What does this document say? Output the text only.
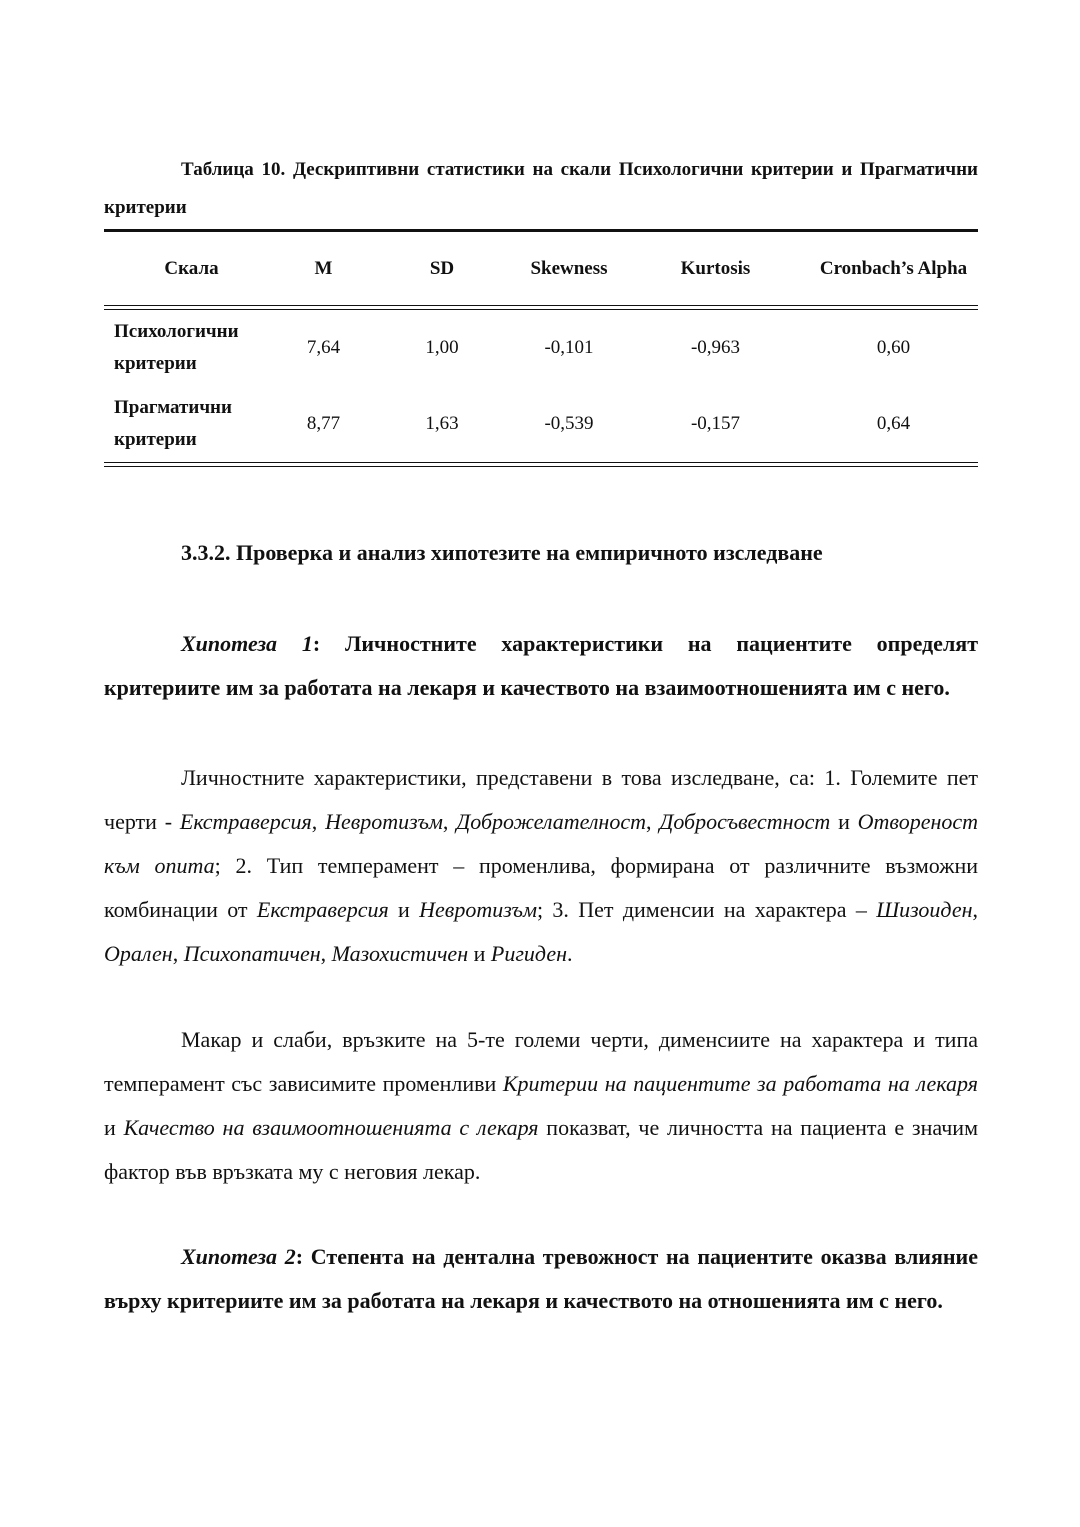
Таблица 10. Дескриптивни статистики на скали Психологични критерии и Прагматични критерии

Скала	M	SD	Skewness	Kurtosis	Cronbach’s Alpha
Психологични критерии	7,64	1,00	-0,101	-0,963	0,60
Прагматични критерии	8,77	1,63	-0,539	-0,157	0,64
3.3.2. Проверка и анализ хипотезите на емпиричното изследване

Хипотеза 1: Личностните характеристики на пациентите определят критериите им за работата на лекаря и качеството на взаимоотношенията им с него.

Личностните характеристики, представени в това изследване, са: 1. Големите пет черти - Екстраверсия, Невротизъм, Доброжелателност, Добросъвестност и Отвореност към опита; 2. Тип темперамент – променлива, формирана от различните възможни комбинации от Екстраверсия и Невротизъм; 3. Пет дименсии на характера – Шизоиден, Орален, Психопатичен, Мазохистичен и Ригиден.

Макар и слаби, връзките на 5-те големи черти, дименсиите на характера и типа темперамент със зависимите променливи Критерии на пациентите за работата на лекаря и Качество на взаимоотношенията с лекаря показват, че личността на пациента е значим фактор във връзката му с неговия лекар.

Хипотеза 2: Степента на дентална тревожност на пациентите оказва влияние върху критериите им за работата на лекаря и качеството на отношенията им с него.
